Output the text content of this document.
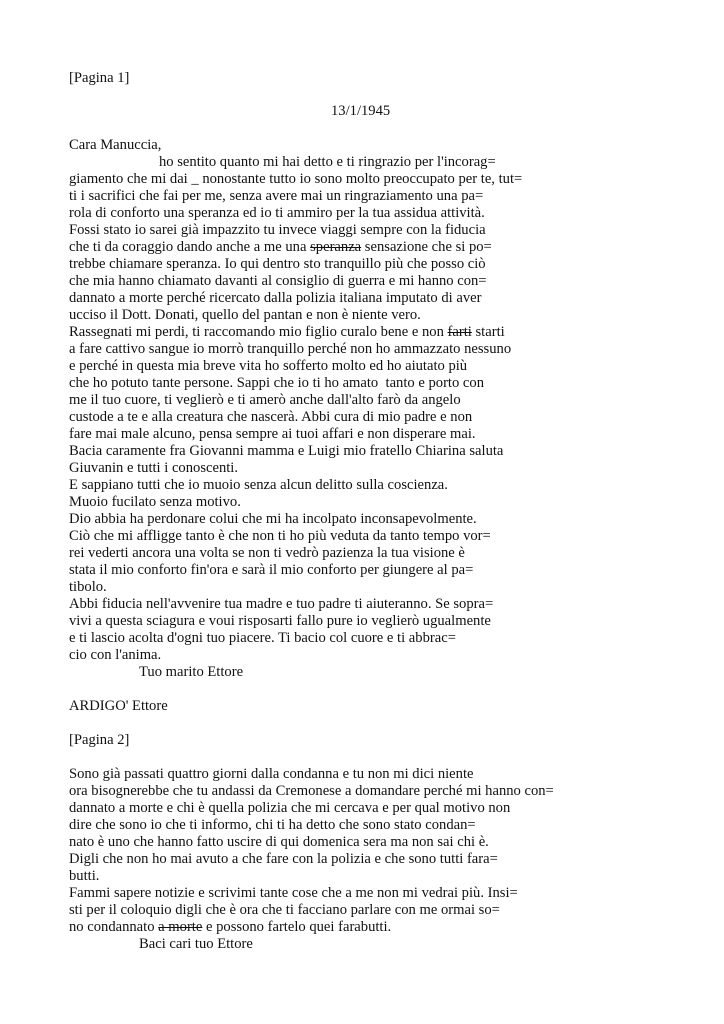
[Pagina 1]

13/1/1945

Cara Manuccia,

ho sentito quanto mi hai detto e ti ringrazio per l'incorag=

giamento che mi dai _ nonostante tutto io sono molto preoccupato per te, tut=

ti i sacrifici che fai per me, senza avere mai un ringraziamento una pa=

rola di conforto una speranza ed io ti ammiro per la tua assidua attività.

Fossi stato io sarei già impazzito tu invece viaggi sempre con la fiducia

che ti da coraggio dando anche a me una speranza sensazione che si po=

trebbe chiamare speranza. Io qui dentro sto tranquillo più che posso ciò

che mia hanno chiamato davanti al consiglio di guerra e mi hanno con=

dannato a morte perché ricercato dalla polizia italiana imputato di aver

ucciso il Dott. Donati, quello del pantan e non è niente vero.

Rassegnati mi perdi, ti raccomando mio figlio curalo bene e non farti starti

a fare cattivo sangue io morrò tranquillo perché non ho ammazzato nessuno

e perché in questa mia breve vita ho sofferto molto ed ho aiutato più

che ho potuto tante persone. Sappi che io ti ho amato  tanto e porto con

me il tuo cuore, ti veglierò e ti amerò anche dall'alto farò da angelo

custode a te e alla creatura che nascerà. Abbi cura di mio padre e non

fare mai male alcuno, pensa sempre ai tuoi affari e non disperare mai.

Bacia caramente fra Giovanni mamma e Luigi mio fratello Chiarina saluta

Giuvanin e tutti i conoscenti.

E sappiano tutti che io muoio senza alcun delitto sulla coscienza.

Muoio fucilato senza motivo.

Dio abbia ha perdonare colui che mi ha incolpato inconsapevolmente.

Ciò che mi affligge tanto è che non ti ho più veduta da tanto tempo vor=

rei vederti ancora una volta se non ti vedrò pazienza la tua visione è

stata il mio conforto fin'ora e sarà il mio conforto per giungere al pa=

tibolo.

Abbi fiducia nell'avvenire tua madre e tuo padre ti aiuteranno. Se sopra=

vivi a questa sciagura e voui risposarti fallo pure io veglierò ugualmente

e ti lascio acolta d'ogni tuo piacere. Ti bacio col cuore e ti abbrac=

cio con l'anima.

Tuo marito Ettore

ARDIGO' Ettore

[Pagina 2]

Sono già passati quattro giorni dalla condanna e tu non mi dici niente

ora bisognerebbe che tu andassi da Cremonese a domandare perché mi hanno con=

dannato a morte e chi è quella polizia che mi cercava e per qual motivo non

dire che sono io che ti informo, chi ti ha detto che sono stato condan=

nato è uno che hanno fatto uscire di qui domenica sera ma non sai chi è.

Digli che non ho mai avuto a che fare con la polizia e che sono tutti fara=

butti.

Fammi sapere notizie e scrivimi tante cose che a me non mi vedrai più. Insi=

sti per il coloquio digli che è ora che ti facciano parlare con me ormai so=

no condannato a morte e possono fartelo quei farabutti.

Baci cari tuo Ettore
